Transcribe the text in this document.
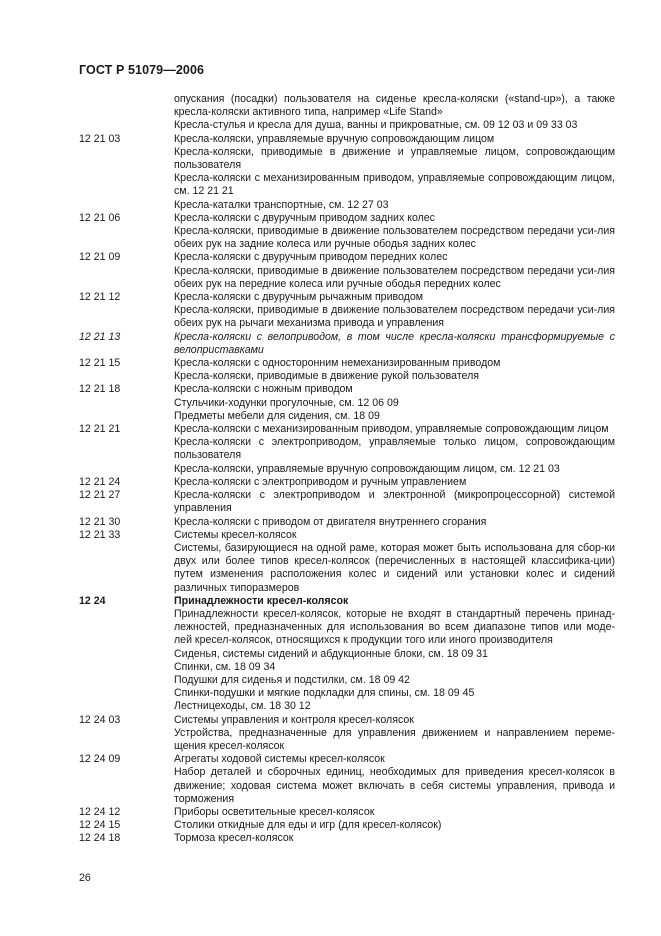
ГОСТ Р 51079—2006
опускания (посадки) пользователя на сиденье кресла-коляски («stand-up»), а также кресла-коляски активного типа, например «Life Stand»
Кресла-стулья и кресла для душа, ванны и прикроватные, см. 09 12 03 и 09 33 03
12 21 03	Кресла-коляски, управляемые вручную сопровождающим лицом
Кресла-коляски, приводимые в движение и управляемые лицом, сопровождающим пользователя
Кресла-коляски с механизированным приводом, управляемые сопровождающим лицом, см. 12 21 21
Кресла-каталки транспортные, см. 12 27 03
12 21 06	Кресла-коляски с двуручным приводом задних колес
Кресла-коляски, приводимые в движение пользователем посредством передачи уси-лия обеих рук на задние колеса или ручные ободья задних колес
12 21 09	Кресла-коляски с двуручным приводом передних колес
Кресла-коляски, приводимые в движение пользователем посредством передачи уси-лия обеих рук на передние колеса или ручные ободья передних колес
12 21 12	Кресла-коляски с двуручным рычажным приводом
Кресла-коляски, приводимые в движение пользователем посредством передачи уси-лия обеих рук на рычаги механизма привода и управления
12 21 13	Кресла-коляски с велоприводом, в том числе кресла-коляски трансформируемые с велоприставками
12 21 15	Кресла-коляски с односторонним немеханизированным приводом
Кресла-коляски, приводимые в движение рукой пользователя
12 21 18	Кресла-коляски с ножным приводом
Стульчики-ходунки прогулочные, см. 12 06 09
Предметы мебели для сидения, см. 18 09
12 21 21	Кресла-коляски с механизированным приводом, управляемые сопровождающим лицом
Кресла-коляски с электроприводом, управляемые только лицом, сопровождающим пользователя
Кресла-коляски, управляемые вручную сопровождающим лицом, см. 12 21 03
12 21 24	Кресла-коляски с электроприводом и ручным управлением
12 21 27	Кресла-коляски с электроприводом и электронной (микропроцессорной) системой управления
12 21 30	Кресла-коляски с приводом от двигателя внутреннего сгорания
12 21 33	Системы кресел-колясок
Системы, базирующиеся на одной раме, которая может быть использована для сбор-ки двух или более типов кресел-колясок (перечисленных в настоящей классифика-ции) путем изменения расположения колес и сидений или установки колес и сидений различных типоразмеров
12 24	Принадлежности кресел-колясок
Принадлежности кресел-колясок, которые не входят в стандартный перечень принад-лежностей, предназначенных для использования во всем диапазоне типов или моде-лей кресел-колясок, относящихся к продукции того или иного производителя
Сиденья, системы сидений и абдукционные блоки, см. 18 09 31
Спинки, см. 18 09 34
Подушки для сиденья и подстилки, см. 18 09 42
Спинки-подушки и мягкие подкладки для спины, см. 18 09 45
Лестницеходы, см. 18 30 12
12 24 03	Системы управления и контроля кресел-колясок
Устройства, предназначенные для управления движением и направлением переме-щения кресел-колясок
12 24 09	Агрегаты ходовой системы кресел-колясок
Набор деталей и сборочных единиц, необходимых для приведения кресел-колясок в движение; ходовая система может включать в себя системы управления, привода и торможения
12 24 12	Приборы осветительные кресел-колясок
12 24 15	Столики откидные для еды и игр (для кресел-колясок)
12 24 18	Тормоза кресел-колясок
26
